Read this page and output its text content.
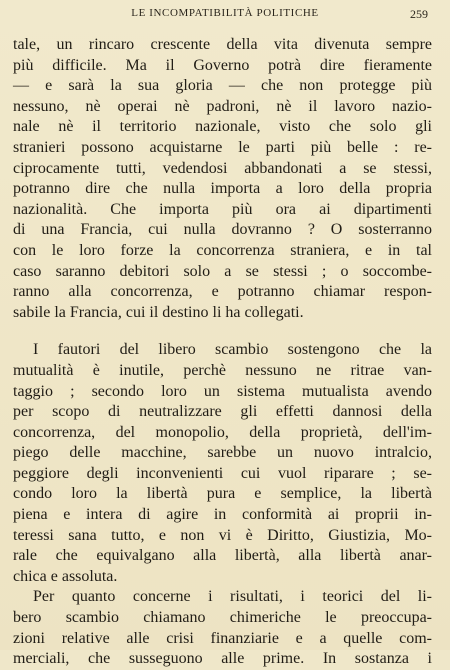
LE INCOMPATIBILITÀ POLITICHE	259
tale, un rincaro crescente della vita divenuta sempre
più difficile. Ma il Governo potrà dire fieramente
— e sarà la sua gloria — che non protegge più
nessuno, nè operai nè padroni, nè il lavoro nazio-
nale nè il territorio nazionale, visto che solo gli
stranieri possono acquistarne le parti più belle : re-
ciprocamente tutti, vedendosi abbandonati a se stessi,
potranno dire che nulla importa a loro della propria
nazionalità. Che importa più ora ai dipartimenti
di una Francia, cui nulla dovranno ? O sosterranno
con le loro forze la concorrenza straniera, e in tal
caso saranno debitori solo a se stessi ; o soccombe-
ranno alla concorrenza, e potranno chiamar respon-
sabile la Francia, cui il destino li ha collegati.
I fautori del libero scambio sostengono che la
mutualità è inutile, perchè nessuno ne ritrae van-
taggio ; secondo loro un sistema mutualista avendo
per scopo di neutralizzare gli effetti dannosi della
concorrenza, del monopolio, della proprietà, dell'im-
piego delle macchine, sarebbe un nuovo intralcio,
peggiore degli inconvenienti cui vuol riparare ; se-
condo loro la libertà pura e semplice, la libertà
piena e intera di agire in conformità ai proprii in-
teressi sana tutto, e non vi è Diritto, Giustizia, Mo-
rale che equivalgano alla libertà, alla libertà anar-
chica e assoluta.
Per quanto concerne i risultati, i teorici del li-
bero scambio chiamano chimeriche le preoccupa-
zioni relative alle crisi finanziarie e a quelle com-
merciali, che susseguono alle prime. In sostanza i
